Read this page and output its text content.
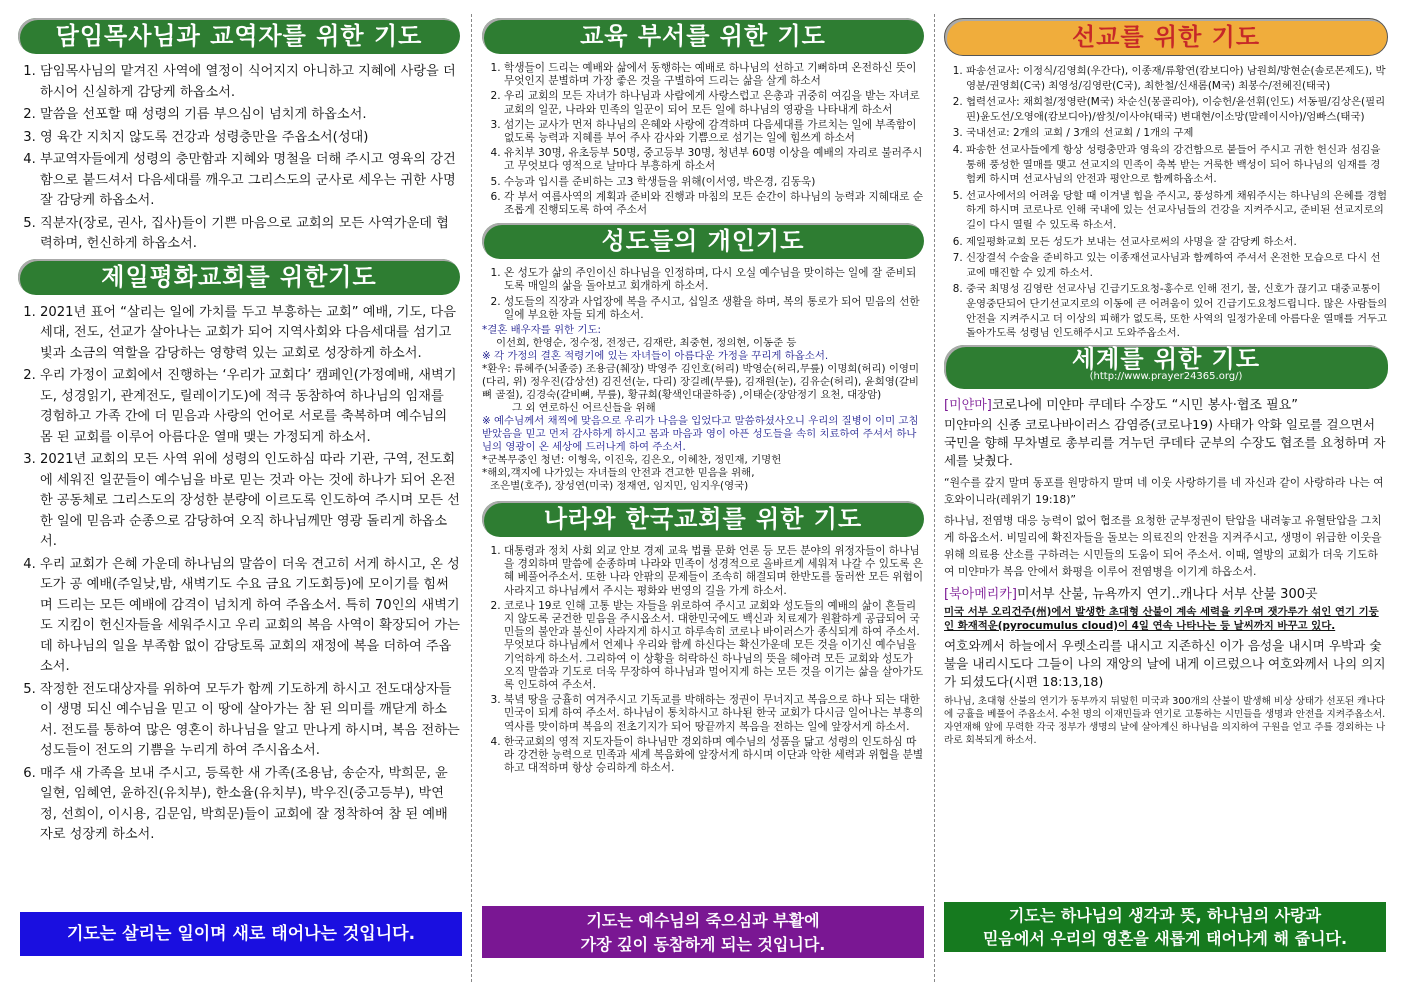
담임목사님과 교역자를 위한 기도
1. 담임목사님의 맡겨진 사역에 열정이 식어지지 아니하고 지혜에 사랑을 더하시어 신실하게 감당케 하옵소서.
2. 말씀을 선포할 때 성령의 기름 부으심이 넘치게 하옵소서.
3. 영 육간 지치지 않도록 건강과 성령충만을 주옵소서(성대)
4. 부교역자들에게 성령의 충만함과 지혜와 명철을 더해 주시고 영육의 강건함으로 붙드셔서 다음세대를 깨우고 그리스도의 군사로 세우는 귀한 사명 잘 감당케 하옵소서.
5. 직분자(장로, 권사, 집사)들이 기쁜 마음으로 교회의 모든 사역가운데 협력하며, 헌신하게 하옵소서.
제일평화교회를 위한기도
1. 2021년 표어 “살리는 일에 가치를 두고 부흥하는 교회” 예배, 기도, 다음세대, 전도, 선교가 살아나는 교회가 되어 지역사회와 다음세대를 섬기고 빛과 소금의 역할을 감당하는 영향력 있는 교회로 성장하게 하소서.
2. 우리 가정이 교회에서 진행하는 ‘우리가 교회다’ 캠페인(가정예배, 새벽기도, 성경읽기, 관계전도, 릴레이기도)에 적극 동참하여 하나님의 임재를 경험하고 가족 간에 더 믿음과 사랑의 언어로 서로를 축복하며 예수님의 몸 된 교회를 이루어 아름다운 열매 맺는 가정되게 하소서.
3. 2021년 교회의 모든 사역 위에 성령의 인도하심 따라 기관, 구역, 전도회에 세워진 일꾼들이 예수님을 바로 믿는 것과 아는 것에 하나가 되어 온전한 공동체로 그리스도의 장성한 분량에 이르도록 인도하여 주시며 모든 선한 일에 믿음과 순종으로 감당하여 오직 하나님께만 영광 돌리게 하옵소서.
4. 우리 교회가 은혜 가운데 하나님의 말씀이 더욱 견고히 서게 하시고, 온 성도가 공 예배(주일낮,밤, 새벽기도 수요 금요 기도회등)에 모이기를 힘써며 드리는 모든 예배에 감격이 넘치게 하여 주옵소서. 특히 70인의 새벽기도 지킴이 헌신자들을 세워주시고 우리 교회의 복음 사역이 확장되어 가는데 하나님의 일을 부족함 없이 감당토록 교회의 재정에 복을 더하여 주옵소서.
5. 작정한 전도대상자를 위하여 모두가 함께 기도하게 하시고 전도대상자들이 생명 되신 예수님을 믿고 이 땅에 살아가는 참 된 의미를 깨닫게 하소서. 전도를 통하여 많은 영혼이 하나님을 알고 만나게 하시며, 복음 전하는 성도들이 전도의 기쁨을 누리게 하여 주시옵소서.
6. 매주 새 가족을 보내 주시고, 등록한 새 가족(조용남, 송순자, 박희문, 윤일현, 임혜연, 윤하진(유치부), 한소율(유치부), 박우진(중고등부), 박연정, 선희이, 이시용, 김문임, 박희문)들이 교회에 잘 정착하여 참 된 예배자로 성장케 하소서.
기도는 살리는 일이며 새로 태어나는 것입니다.
교육 부서를 위한 기도
1. 학생들이 드리는 예배와 삶에서 동행하는 예배로 하나님의 선하고 기뻐하며 온전하신 뜻이 무엇인지 분별하며 가장 좋은 것을 구별하여 드리는 삶을 살게 하소서
2. 우리 교회의 모든 자녀가 하나님과 사람에게 사랑스럽고 은총과 귀중히 여김을 받는 자녀로 교회의 일꾼, 나라와 민족의 일꾼이 되어 모든 일에 하나님의 영광을 나타내게 하소서
3. 섬기는 교사가 먼저 하나님의 은혜와 사랑에 감격하며 다음세대를 가르치는 일에 부족함이 없도록 능력과 지혜를 부어 주사 감사와 기쁨으로 섬기는 일에 힘쓰게 하소서
4. 유치부 30명, 유초등부 50명, 중고등부 30명, 청년부 60명 이상을 예배의 자리로 불러주시고 무엇보다 영적으로 날마다 부흥하게 하소서
5. 수능과 입시를 준비하는 고3 학생들을 위해(이서영, 박은경, 김동욱)
6. 각 부서 여름사역의 계획과 준비와 진행과 마침의 모든 순간이 하나님의 능력과 지혜대로 순조롭게 진행되도록 하여 주소서
성도들의 개인기도
1. 온 성도가 삶의 주인이신 하나님을 인정하며, 다시 오실 예수님을 맞이하는 일에 잘 준비되도록 매일의 삶을 돌아보고 회개하게 하소서.
2. 성도들의 직장과 사업장에 복을 주시고, 십일조 생활을 하며, 복의 통로가 되어 믿음의 선한 일에 부요한 자들 되게 하소서.

*결혼 배우자를 위한 기도:

이선희, 한영순, 정수정, 전정근, 김재란, 최중현, 정의현, 이동준 등

※ 각 가정의 결혼 적령기에 있는 자녀들이 아름다운 가정을 꾸리게 하옵소서.

*환우: 류혜주(뇌졸증) 조용금(췌장) 박영주 김인호(허리) 박영순(허리,무릎) 이명희(허리) 이영미(다리, 위) 정우진(갑상선) 김진선(눈, 다리) 장길례(무릎), 김재원(눈), 김유순(허리), 윤희영(갈비뼈 골절), 김경숙(갈비뼈, 무릎), 황규희(황색인대골하증) ,이태순(장암정기 요천, 대장암)

그 외 연로하신 어르신들을 위해

※ 예수님께서 채찍에 맞음으로 우리가 나음을 입었다고 말씀하셨사오니 우리의 질병이 이미 고침 받았음을 믿고 먼저 감사하게 하시고 몸과 마음과 영이 아픈 성도들을 속히 치료하여 주셔서 하나님의 영광이 온 세상에 드러나게 하여 주소서.

*군복무중인 청년: 이형욱, 이진욱, 김은오, 이혜찬, 정민재, 기명헌

*해외,객지에 나가있는 자녀들의 안전과 견고한 믿음을 위해,

조은별(호주), 장성연(미국) 정재연, 임지민, 임지우(영국)

나라와 한국교회를 위한 기도
1. 대통령과 정치 사회 외교 안보 경제 교육 법률 문화 언론 등 모든 분야의 위정자들이 하나님을 경외하며 말씀에 순종하며 나라와 민족이 성경적으로 올바르게 세워져 나갈 수 있도록 은혜 베풀어주소서. 또한 나라 안팎의 문제들이 조속히 해결되며 한반도를 둘러싼 모든 위험이 사라지고 하나님께서 주시는 평화와 번영의 길을 가게 하소서.
2. 코로나 19로 인해 고통 받는 자들을 위로하여 주시고 교회와 성도들의 예배의 삶이 흔들리지 않도록 굳건한 믿음을 주시옵소서. 대한민국에도 백신과 치료제가 원활하게 공급되어 국민들의 불안과 불신이 사라지게 하시고 하루속히 코로나 바이러스가 종식되게 하여 주소서. 무엇보다 하나님께서 언제나 우리와 함께 하신다는 확신가운데 모든 것을 이기신 예수님을 기억하게 하소서. 그리하여 이 상황을 허락하신 하나님의 뜻을 헤아려 모든 교회와 성도가 오직 말씀과 기도로 더욱 무장하여 하나님과 멀어지게 하는 모든 것을 이기는 삶을 살아가도록 인도하여 주소서.
3. 북녘 땅을 긍휼히 여겨주시고 기독교를 박해하는 정권이 무너지고 복음으로 하나 되는 대한민국이 되게 하여 주소서. 하나님이 통치하시고 하나된 한국 교회가 다시금 일어나는 부흥의 역사를 맞이하며 복음의 전초기지가 되어 땅끝까지 복음을 전하는 일에 앞장서게 하소서.
4. 한국교회의 영적 지도자들이 하나님만 경외하며 예수님의 성품을 닮고 성령의 인도하심 따라 강건한 능력으로 민족과 세계 복음화에 앞장서게 하시며 이단과 악한 세력과 위협을 분별하고 대적하며 항상 승리하게 하소서.
기도는 예수님의 죽으심과 부활에
가장 깊이 동참하게 되는 것입니다.
선교를 위한 기도
1. 파송선교사: 이정식/김영희(우간다), 이종재/류황연(캄보디아) 남원희/방현순(솔로몬제도), 박영분/권영희(C국) 최영성/김영란(C국), 최한철/신새롬(M국) 최봉수/전혜진(태국)
2. 협력선교사: 채희철/정영란(M국) 차순신(몽골리아), 이승헌/윤선휘(인도) 서동필/김상은(필리핀)윤도선/오영애(캄보디아)/쌈칫/이사야(태국) 변대현/이소망(말레이시아)/엄빠스(태국)
3. 국내선교: 2개의 교회 / 3개의 선교회 / 1개의 구제
4. 파송한 선교사들에게 항상 성령충만과 영육의 강건함으로 붙들어 주시고 귀한 헌신과 섬김을 통해 풍성한 열매를 맺고 선교지의 민족이 축복 받는 거룩한 백성이 되어 하나님의 임재를 경험케 하시며 선교사님의 안전과 평안으로 함께하옵소서.
5. 선교사에서의 어려움 당할 때 이겨낼 힘을 주시고, 풍성하게 채워주시는 하나님의 은혜를 경험하게 하시며 코로나로 인해 국내에 있는 선교사님들의 건강을 지켜주시고, 준비된 선교지로의 길이 다시 열릴 수 있도록 하소서.
6. 제일평화교회 모든 성도가 보내는 선교사로써의 사명을 잘 감당케 하소서.
7. 신장결석 수술을 준비하고 있는 이종재선교사님과 함께하여 주셔서 온전한 모습으로 다시 선교에 매진할 수 있게 하소서.
8. 중국 최명성 김영란 선교사님 긴급기도요청-홍수로 인해 전기, 물, 신호가 끊기고 대중교통이 운영중단되어 단기선교지로의 이동에 큰 어려움이 있어 긴급기도요청드립니다. 많은 사람들의 안전을 지켜주시고 더 이상의 피해가 없도록, 또한 사역의 일정가운데 아름다운 열매를 거두고 돌아가도록 성령님 인도해주시고 도와주옵소서.
세계를 위한 기도
(http://www.prayer24365.org/)

[미얀마]코로나에 미얀마 쿠데타 수장도 “시민 봉사·협조 필요”

미얀마의 신종 코로나바이러스 감염증(코로나19) 사태가 악화 일로를 걸으면서 국민을 향해 무차별로 총부리를 겨누던 쿠데타 군부의 수장도 협조를 요청하며 자세를 낮췄다.

“원수를 갚지 말며 동포를 원망하지 말며 네 이웃 사랑하기를 네 자신과 같이 사랑하라 나는 여호와이니라(레위기 19:18)”

하나님, 전염병 대응 능력이 없어 협조를 요청한 군부정권이 탄압을 내려놓고 유혈탄압을 그치게 하옵소서. 비밀리에 확진자들을 돌보는 의료진의 안전을 지켜주시고, 생명이 위급한 이웃을 위해 의료용 산소를 구하려는 시민들의 도움이 되어 주소서. 이때, 열방의 교회가 더욱 기도하여 미얀마가 복음 안에서 화평을 이루어 전염병을 이기게 하옵소서.

[북아메리카]미서부 산불, 뉴욕까지 연기..캐나다 서부 산불 300곳

미국 서부 오리건주(州)에서 발생한 초대형 산불이 계속 세력을 키우며 잿가루가 섞인 연기 기둥인 화재적운(pyrocumulus cloud)이 4일 연속 나타나는 등 날씨까지 바꾸고 있다.

여호와께서 하늘에서 우렛소리를 내시고 지존하신 이가 음성을 내시며 우박과 숯불을 내리시도다 그들이 나의 재앙의 날에 내게 이르렀으나 여호와께서 나의 의지가 되셨도다(시편 18:13,18)

하나님, 초대형 산불의 연기가 동부까지 뒤덮힌 미국과 300개의 산불이 발생해 비상 상태가 선포된 캐나다에 긍휼을 베풀어 주옵소서. 수천 명의 이재민들과 연기로 고통하는 시민들을 생명과 안전을 지켜주옵소서. 자연재해 앞에 무력한 각국 정부가 생명의 날에 살아계신 하나님을 의지하여 구원을 얻고 주를 경외하는 나라로 회복되게 하소서.

기도는 하나님의 생각과 뜻, 하나님의 사랑과
믿음에서 우리의 영혼을 새롭게 태어나게 해 줍니다.
